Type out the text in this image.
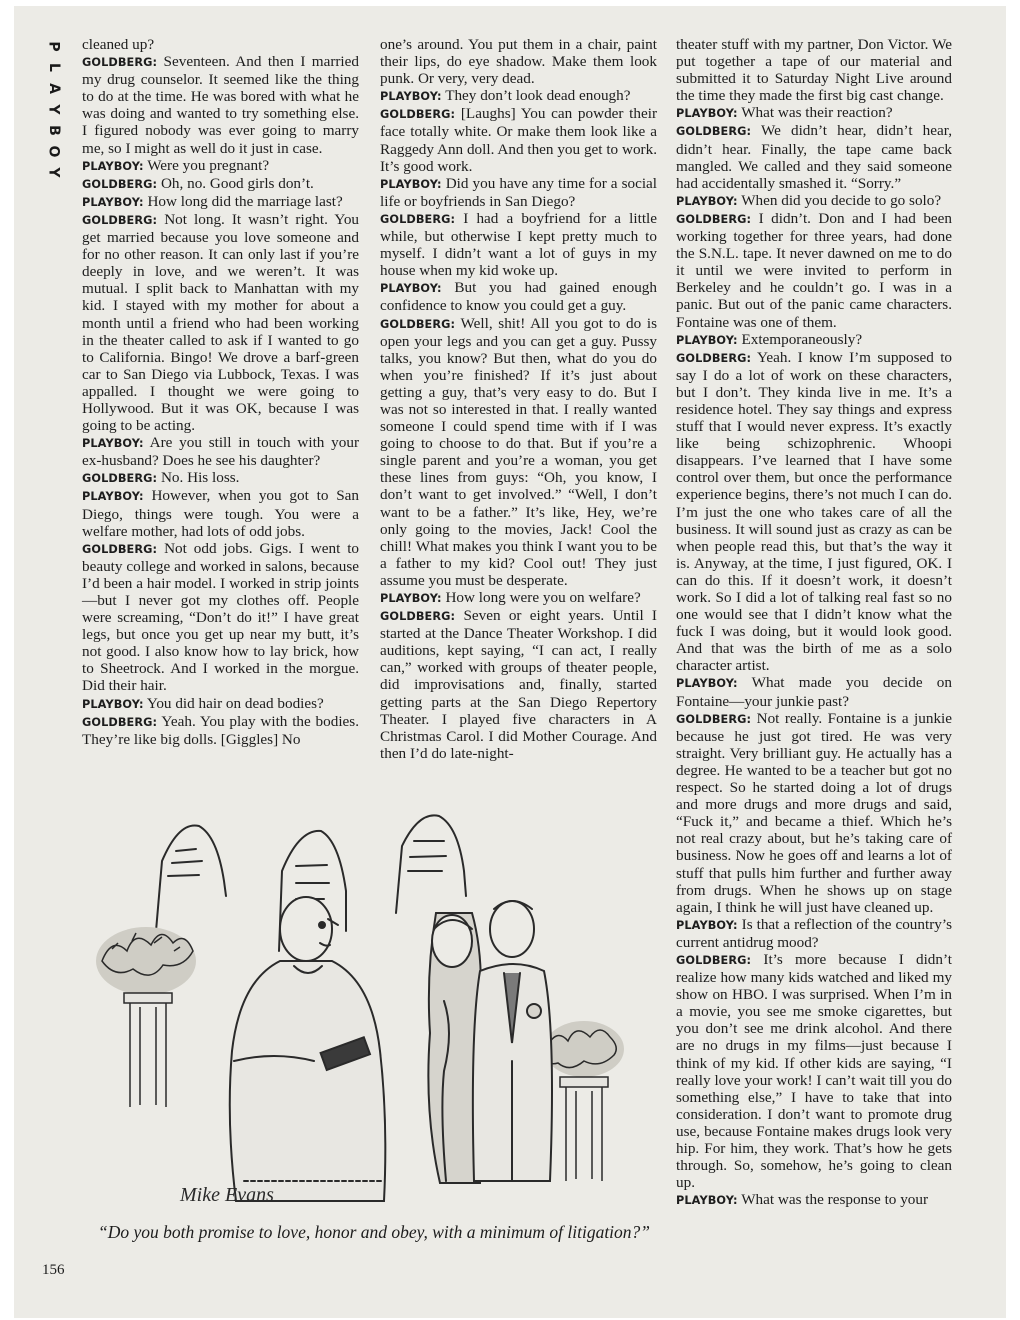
P
L
A
Y
B
O
Y

cleaned up?

GOLDBERG: Seventeen. And then I married my drug counselor. It seemed like the thing to do at the time. He was bored with what he was doing and wanted to try something else. I figured nobody was ever going to marry me, so I might as well do it just in case.

PLAYBOY: Were you pregnant?

GOLDBERG: Oh, no. Good girls don’t.

PLAYBOY: How long did the marriage last?

GOLDBERG: Not long. It wasn’t right. You get married because you love someone and for no other reason. It can only last if you’re deeply in love, and we weren’t. It was mutual. I split back to Manhattan with my kid. I stayed with my mother for about a month until a friend who had been working in the theater called to ask if I wanted to go to California. Bingo! We drove a barf-green car to San Diego via Lubbock, Texas. I was appalled. I thought we were going to Hollywood. But it was OK, because I was going to be acting.

PLAYBOY: Are you still in touch with your ex-husband? Does he see his daughter?

GOLDBERG: No. His loss.

PLAYBOY: However, when you got to San Diego, things were tough. You were a welfare mother, had lots of odd jobs.

GOLDBERG: Not odd jobs. Gigs. I went to beauty college and worked in salons, because I’d been a hair model. I worked in strip joints—but I never got my clothes off. People were screaming, “Don’t do it!” I have great legs, but once you get up near my butt, it’s not good. I also know how to lay brick, how to Sheetrock. And I worked in the morgue. Did their hair.

PLAYBOY: You did hair on dead bodies?

GOLDBERG: Yeah. You play with the bodies. They’re like big dolls. [Giggles] No

one’s around. You put them in a chair, paint their lips, do eye shadow. Make them look punk. Or very, very dead.

PLAYBOY: They don’t look dead enough?

GOLDBERG: [Laughs] You can powder their face totally white. Or make them look like a Raggedy Ann doll. And then you get to work. It’s good work.

PLAYBOY: Did you have any time for a social life or boyfriends in San Diego?

GOLDBERG: I had a boyfriend for a little while, but otherwise I kept pretty much to myself. I didn’t want a lot of guys in my house when my kid woke up.

PLAYBOY: But you had gained enough confidence to know you could get a guy.

GOLDBERG: Well, shit! All you got to do is open your legs and you can get a guy. Pussy talks, you know? But then, what do you do when you’re finished? If it’s just about getting a guy, that’s very easy to do. But I was not so interested in that. I really wanted someone I could spend time with if I was going to choose to do that. But if you’re a single parent and you’re a woman, you get these lines from guys: “Oh, you know, I don’t want to get involved.” “Well, I don’t want to be a father.” It’s like, Hey, we’re only going to the movies, Jack! Cool the chill! What makes you think I want you to be a father to my kid? Cool out! They just assume you must be desperate.

PLAYBOY: How long were you on welfare?

GOLDBERG: Seven or eight years. Until I started at the Dance Theater Workshop. I did auditions, kept saying, “I can act, I really can,” worked with groups of theater people, did improvisations and, finally, started getting parts at the San Diego Repertory Theater. I played five characters in A Christmas Carol. I did Mother Courage. And then I’d do late-night-

theater stuff with my partner, Don Victor. We put together a tape of our material and submitted it to Saturday Night Live around the time they made the first big cast change.

PLAYBOY: What was their reaction?

GOLDBERG: We didn’t hear, didn’t hear, didn’t hear. Finally, the tape came back mangled. We called and they said someone had accidentally smashed it. “Sorry.”

PLAYBOY: When did you decide to go solo?

GOLDBERG: I didn’t. Don and I had been working together for three years, had done the S.N.L. tape. It never dawned on me to do it until we were invited to perform in Berkeley and he couldn’t go. I was in a panic. But out of the panic came characters. Fontaine was one of them.

PLAYBOY: Extemporaneously?

GOLDBERG: Yeah. I know I’m supposed to say I do a lot of work on these characters, but I don’t. They kinda live in me. It’s a residence hotel. They say things and express stuff that I would never express. It’s exactly like being schizophrenic. Whoopi disappears. I’ve learned that I have some control over them, but once the performance experience begins, there’s not much I can do. I’m just the one who takes care of all the business. It will sound just as crazy as can be when people read this, but that’s the way it is. Anyway, at the time, I just figured, OK. I can do this. If it doesn’t work, it doesn’t work. So I did a lot of talking real fast so no one would see that I didn’t know what the fuck I was doing, but it would look good. And that was the birth of me as a solo character artist.

PLAYBOY: What made you decide on Fontaine—your junkie past?

GOLDBERG: Not really. Fontaine is a junkie because he just got tired. He was very straight. Very brilliant guy. He actually has a degree. He wanted to be a teacher but got no respect. So he started doing a lot of drugs and more drugs and more drugs and said, “Fuck it,” and became a thief. Which he’s not real crazy about, but he’s taking care of business. Now he goes off and learns a lot of stuff that pulls him further and further away from drugs. When he shows up on stage again, I think he will just have cleaned up.

PLAYBOY: Is that a reflection of the country’s current antidrug mood?

GOLDBERG: It’s more because I didn’t realize how many kids watched and liked my show on HBO. I was surprised. When I’m in a movie, you see me smoke cigarettes, but you don’t see me drink alcohol. And there are no drugs in my films—just because I think of my kid. If other kids are saying, “I really love your work! I can’t wait till you do something else,” I have to take that into consideration. I don’t want to promote drug use, because Fontaine makes drugs look very hip. For him, they work. That’s how he gets through. So, somehow, he’s going to clean up.

PLAYBOY: What was the response to your

Mike Evans
“Do you both promise to love, honor and obey, with a minimum of litigation?”
156
